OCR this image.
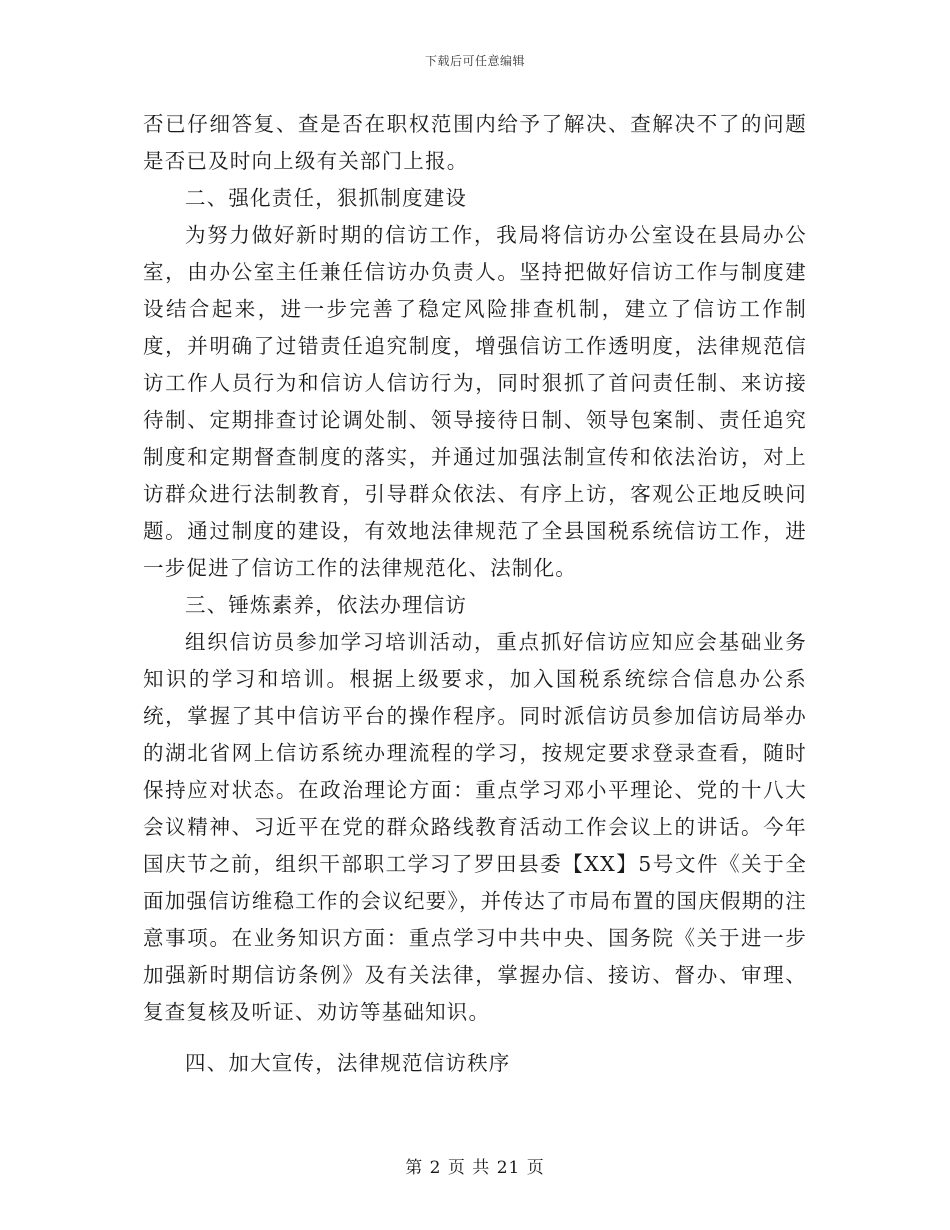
下载后可任意编辑

否已仔细答复、查是否在职权范围内给予了解决、查解决不了的问题是否已及时向上级有关部门上报。

二、强化责任，狠抓制度建设

为努力做好新时期的信访工作，我局将信访办公室设在县局办公室，由办公室主任兼任信访办负责人。坚持把做好信访工作与制度建设结合起来，进一步完善了稳定风险排查机制，建立了信访工作制度，并明确了过错责任追究制度，增强信访工作透明度，法律规范信访工作人员行为和信访人信访行为，同时狠抓了首问责任制、来访接待制、定期排查讨论调处制、领导接待日制、领导包案制、责任追究制度和定期督查制度的落实，并通过加强法制宣传和依法治访，对上访群众进行法制教育，引导群众依法、有序上访，客观公正地反映问题。通过制度的建设，有效地法律规范了全县国税系统信访工作，进一步促进了信访工作的法律规范化、法制化。

三、锤炼素养，依法办理信访

组织信访员参加学习培训活动，重点抓好信访应知应会基础业务知识的学习和培训。根据上级要求，加入国税系统综合信息办公系统，掌握了其中信访平台的操作程序。同时派信访员参加信访局举办的湖北省网上信访系统办理流程的学习，按规定要求登录查看，随时保持应对状态。在政治理论方面：重点学习邓小平理论、党的十八大会议精神、习近平在党的群众路线教育活动工作会议上的讲话。今年国庆节之前，组织干部职工学习了罗田县委【XX】5号文件《关于全面加强信访维稳工作的会议纪要》，并传达了市局布置的国庆假期的注意事项。在业务知识方面：重点学习中共中央、国务院《关于进一步加强新时期信访条例》及有关法律，掌握办信、接访、督办、审理、复查复核及听证、劝访等基础知识。

四、加大宣传，法律规范信访秩序

第 2 页 共 21 页
